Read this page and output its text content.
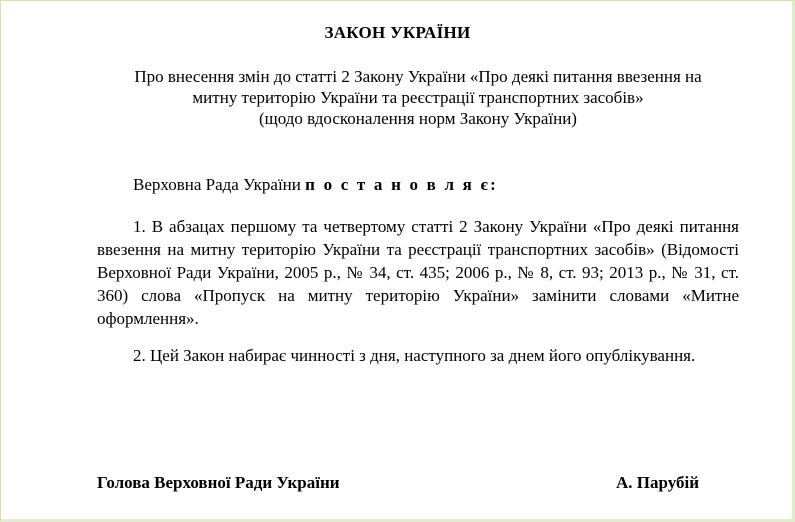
ЗАКОН УКРАЇНИ
Про внесення змін до статті 2 Закону України «Про деякі питання ввезення на
митну територію України та реєстрації транспортних засобів»
(щодо вдосконалення норм Закону України)
Верховна Рада України п о с т а н о в л я є:
1. В абзацах першому та четвертому статті 2 Закону України «Про деякі питання ввезення на митну територію України та реєстрації транспортних засобів» (Відомості Верховної Ради України, 2005 р., № 34, ст. 435; 2006 р., № 8, ст. 93; 2013 р., № 31, ст. 360) слова «Пропуск на митну територію України» замінити словами «Митне оформлення».
2. Цей Закон набирає чинності з дня, наступного за днем його опублікування.
Голова Верховної Ради України	А. Парубій
